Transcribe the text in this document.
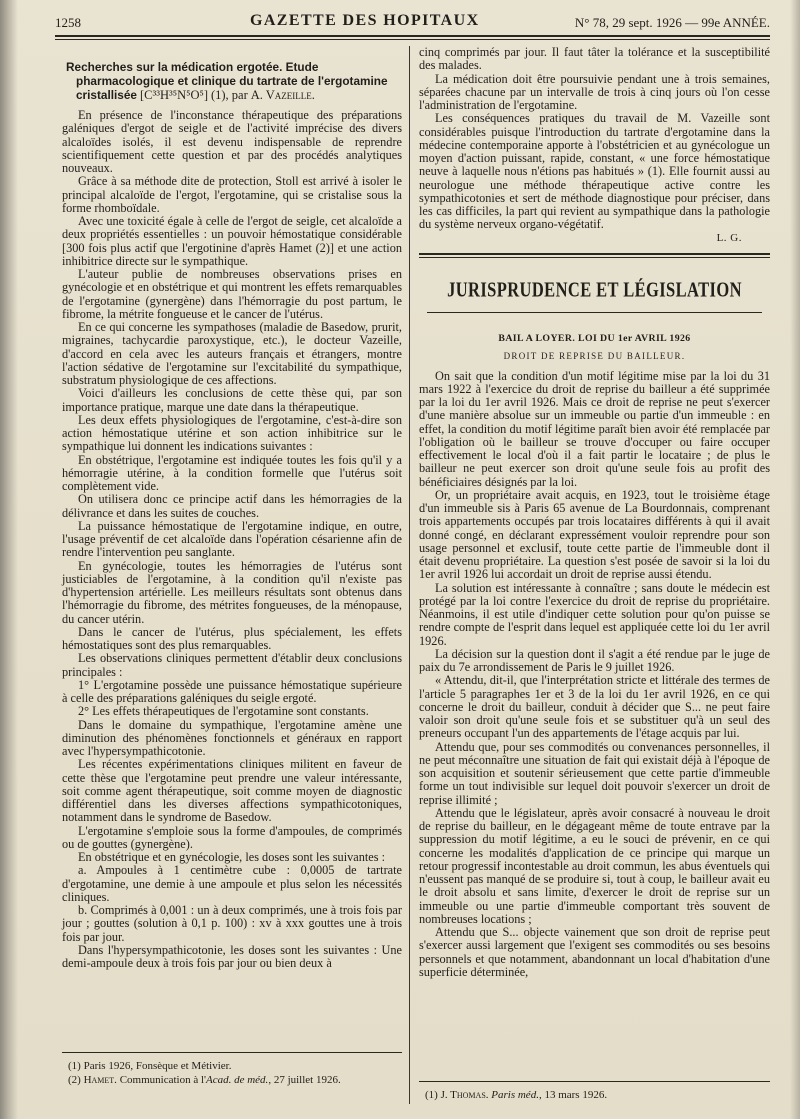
1258	GAZETTE DES HOPITAUX	N° 78, 29 sept. 1926 — 99e ANNÉE.
Recherches sur la médication ergotée. Etude pharmacologique et clinique du tartrate de l'ergotamine cristallisée [C³³H³⁵N⁵O⁵] (1), par A. Vazeille.

En présence de l'inconstance thérapeutique des préparations galéniques d'ergot de seigle et de l'activité imprécise des divers alcaloïdes isolés, il est devenu indispensable de reprendre scientifiquement cette question et par des procédés analytiques nouveaux.

Grâce à sa méthode dite de protection, Stoll est arrivé à isoler le principal alcaloïde de l'ergot, l'ergotamine, qui se cristalise sous la forme rhomboïdale.

Avec une toxicité égale à celle de l'ergot de seigle, cet alcaloïde a deux propriétés essentielles : un pouvoir hémostatique considérable [300 fois plus actif que l'ergotinine d'après Hamet (2)] et une action inhibitrice directe sur le sympathique.

L'auteur publie de nombreuses observations prises en gynécologie et en obstétrique et qui montrent les effets remarquables de l'ergotamine (gynergène) dans l'hémorragie du post partum, le fibrome, la métrite fongueuse et le cancer de l'utérus.

En ce qui concerne les sympathoses (maladie de Basedow, prurit, migraines, tachycardie paroxystique, etc.), le docteur Vazeille, d'accord en cela avec les auteurs français et étrangers, montre l'action sédative de l'ergotamine sur l'excitabilité du sympathique, substratum physiologique de ces affections.

Voici d'ailleurs les conclusions de cette thèse qui, par son importance pratique, marque une date dans la thérapeutique.

Les deux effets physiologiques de l'ergotamine, c'est-à-dire son action hémostatique utérine et son action inhibitrice sur le sympathique lui donnent les indications suivantes :

En obstétrique, l'ergotamine est indiquée toutes les fois qu'il y a hémorragie utérine, à la condition formelle que l'utérus soit complètement vide.

On utilisera donc ce principe actif dans les hémorragies de la délivrance et dans les suites de couches.

La puissance hémostatique de l'ergotamine indique, en outre, l'usage préventif de cet alcaloïde dans l'opération césarienne afin de rendre l'intervention peu sanglante.

En gynécologie, toutes les hémorragies de l'utérus sont justiciables de l'ergotamine, à la condition qu'il n'existe pas d'hypertension artérielle. Les meilleurs résultats sont obtenus dans l'hémorragie du fibrome, des métrites fongueuses, de la ménopause, du cancer utérin.

Dans le cancer de l'utérus, plus spécialement, les effets hémostatiques sont des plus remarquables.

Les observations cliniques permettent d'établir deux conclusions principales :

1° L'ergotamine possède une puissance hémostatique supérieure à celle des préparations galéniques du seigle ergoté.

2° Les effets thérapeutiques de l'ergotamine sont constants.

Dans le domaine du sympathique, l'ergotamine amène une diminution des phénomènes fonctionnels et généraux en rapport avec l'hypersympathicotonie.

Les récentes expérimentations cliniques militent en faveur de cette thèse que l'ergotamine peut prendre une valeur intéressante, soit comme agent thérapeutique, soit comme moyen de diagnostic différentiel dans les diverses affections sympathicotoniques, notamment dans le syndrome de Basedow.

L'ergotamine s'emploie sous la forme d'ampoules, de comprimés ou de gouttes (gynergène).

En obstétrique et en gynécologie, les doses sont les suivantes :

a. Ampoules à 1 centimètre cube : 0,0005 de tartrate d'ergotamine, une demie à une ampoule et plus selon les nécessités cliniques.

b. Comprimés à 0,001 : un à deux comprimés, une à trois fois par jour ; gouttes (solution à 0,1 p. 100) : xv à xxx gouttes une à trois fois par jour.

Dans l'hypersympathicotonie, les doses sont les suivantes : Une demi-ampoule deux à trois fois par jour ou bien deux à

(1) Paris 1926, Fonsèque et Métivier.
(2) Hamet. Communication à l'Acad. de méd., 27 juillet 1926.

cinq comprimés par jour. Il faut tâter la tolérance et la susceptibilité des malades.

La médication doit être poursuivie pendant une à trois semaines, séparées chacune par un intervalle de trois à cinq jours où l'on cesse l'administration de l'ergotamine.

Les conséquences pratiques du travail de M. Vazeille sont considérables puisque l'introduction du tartrate d'ergotamine dans la médecine contemporaine apporte à l'obstétricien et au gynécologue un moyen d'action puissant, rapide, constant, « une force hémostatique neuve à laquelle nous n'étions pas habitués » (1). Elle fournit aussi au neurologue une méthode thérapeutique active contre les sympathicotonies et sert de méthode diagnostique pour préciser, dans les cas difficiles, la part qui revient au sympathique dans la pathologie du système nerveux organo-végétatif.

L. G.
JURISPRUDENCE ET LÉGISLATION
BAIL A LOYER. LOI DU 1er AVRIL 1926
DROIT DE REPRISE DU BAILLEUR.

On sait que la condition d'un motif légitime mise par la loi du 31 mars 1922 à l'exercice du droit de reprise du bailleur a été supprimée par la loi du 1er avril 1926. Mais ce droit de reprise ne peut s'exercer d'une manière absolue sur un immeuble ou partie d'un immeuble : en effet, la condition du motif légitime paraît bien avoir été remplacée par l'obligation où le bailleur se trouve d'occuper ou faire occuper effectivement le local d'où il a fait partir le locataire ; de plus le bailleur ne peut exercer son droit qu'une seule fois au profit des bénéficiaires désignés par la loi.

Or, un propriétaire avait acquis, en 1923, tout le troisième étage d'un immeuble sis à Paris 65 avenue de La Bourdonnais, comprenant trois appartements occupés par trois locataires différents à qui il avait donné congé, en déclarant expressément vouloir reprendre pour son usage personnel et exclusif, toute cette partie de l'immeuble dont il était devenu propriétaire. La question s'est posée de savoir si la loi du 1er avril 1926 lui accordait un droit de reprise aussi étendu.

La solution est intéressante à connaître ; sans doute le médecin est protégé par la loi contre l'exercice du droit de reprise du propriétaire. Néanmoins, il est utile d'indiquer cette solution pour qu'on puisse se rendre compte de l'esprit dans lequel est appliquée cette loi du 1er avril 1926.

La décision sur la question dont il s'agit a été rendue par le juge de paix du 7e arrondissement de Paris le 9 juillet 1926.

« Attendu, dit-il, que l'interprétation stricte et littérale des termes de l'article 5 paragraphes 1er et 3 de la loi du 1er avril 1926, en ce qui concerne le droit du bailleur, conduit à décider que S... ne peut faire valoir son droit qu'une seule fois et se substituer qu'à un seul des preneurs occupant l'un des appartements de l'étage acquis par lui.

Attendu que, pour ses commodités ou convenances personnelles, il ne peut méconnaître une situation de fait qui existait déjà à l'époque de son acquisition et soutenir sérieusement que cette partie d'immeuble forme un tout indivisible sur lequel doit pouvoir s'exercer un droit de reprise illimité ;

Attendu que le législateur, après avoir consacré à nouveau le droit de reprise du bailleur, en le dégageant même de toute entrave par la suppression du motif légitime, a eu le souci de prévenir, en ce qui concerne les modalités d'application de ce principe qui marque un retour progressif incontestable au droit commun, les abus éventuels qui n'eussent pas manqué de se produire si, tout à coup, le bailleur avait eu le droit absolu et sans limite, d'exercer le droit de reprise sur un immeuble ou une partie d'immeuble comportant très souvent de nombreuses locations ;

Attendu que S... objecte vainement que son droit de reprise peut s'exercer aussi largement que l'exigent ses commodités ou ses besoins personnels et que notamment, abandonnant un local d'habitation d'une superficie déterminée,

(1) J. Thomas. Paris méd., 13 mars 1926.
